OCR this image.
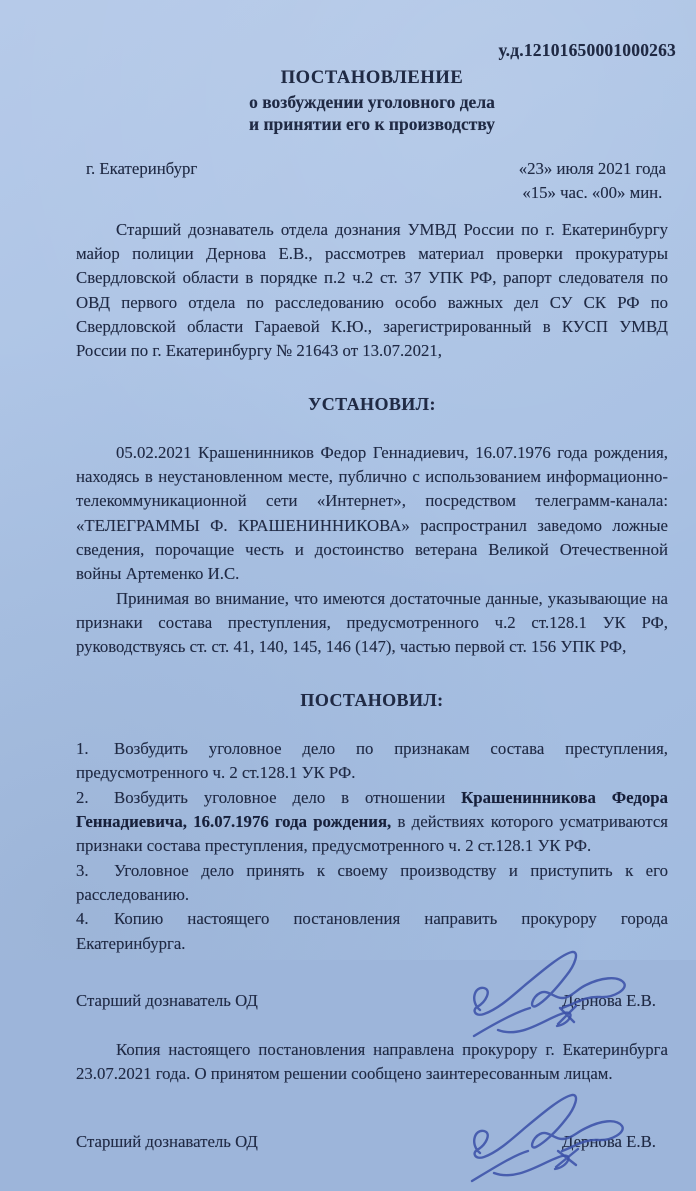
у.д.12101650001000263

ПОСТАНОВЛЕНИЕ

о возбуждении уголовного дела

и принятии его к производству

г. Екатеринбург	«23» июля 2021 года
«15» час. «00» мин.

Старший дознаватель отдела дознания УМВД России по г. Екатеринбургу майор полиции Дернова Е.В., рассмотрев материал проверки прокуратуры Свердловской области в порядке п.2 ч.2 ст. 37 УПК РФ, рапорт следователя по ОВД первого отдела по расследованию особо важных дел СУ СК РФ по Свердловской области Гараевой К.Ю., зарегистрированный в КУСП УМВД России по г. Екатеринбургу № 21643 от 13.07.2021,

УСТАНОВИЛ:

05.02.2021 Крашенинников Федор Геннадиевич, 16.07.1976 года рождения, находясь в неустановленном месте, публично с использованием информационно-телекоммуникационной сети «Интернет», посредством телеграмм-канала: «ТЕЛЕГРАММЫ Ф. КРАШЕНИННИКОВА» распространил заведомо ложные сведения, порочащие честь и достоинство ветерана Великой Отечественной войны Артеменко И.С.

Принимая во внимание, что имеются достаточные данные, указывающие на признаки состава преступления, предусмотренного ч.2 ст.128.1 УК РФ, руководствуясь ст. ст. 41, 140, 145, 146 (147), частью первой ст. 156 УПК РФ,

ПОСТАНОВИЛ:

1. Возбудить уголовное дело по признакам состава преступления, предусмотренного ч. 2 ст.128.1 УК РФ.

2. Возбудить уголовное дело в отношении Крашенинникова Федора Геннадиевича, 16.07.1976 года рождения, в действиях которого усматриваются признаки состава преступления, предусмотренного ч. 2 ст.128.1 УК РФ.

3. Уголовное дело принять к своему производству и приступить к его расследованию.

4. Копию настоящего постановления направить прокурору города Екатеринбурга.

Старший дознаватель ОД	Дернова Е.В.

Копия настоящего постановления направлена прокурору г. Екатеринбурга 23.07.2021 года. О принятом решении сообщено заинтересованным лицам.

Старший дознаватель ОД	Дернова Е.В.
